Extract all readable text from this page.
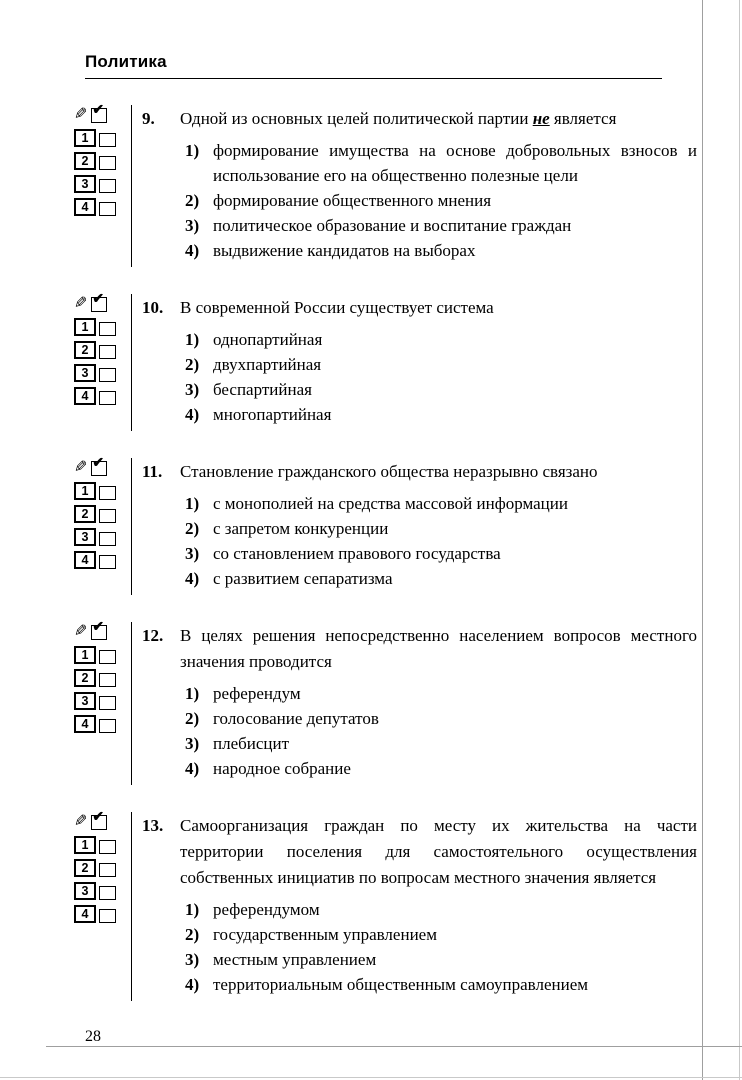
Политика
✎ ✔
1
2
3
4
9.	Одной из основных целей политической партии не является
1) формирование имущества на основе добровольных взносов и использование его на общественно полезные цели
2) формирование общественного мнения
3) политическое образование и воспитание граждан
4) выдвижение кандидатов на выборах
✎ ✔
1
2
3
4
10. В современной России существует система
1) однопартийная
2) двухпартийная
3) беспартийная
4) многопартийная
✎ ✔
1
2
3
4
11.	Становление гражданского общества неразрывно связано
1) с монополией на средства массовой информации
2) с запретом конкуренции
3) со становлением правового государства
4) с развитием сепаратизма
✎ ✔
1
2
3
4
12. В целях решения непосредственно населением вопросов местного значения проводится
1) референдум
2) голосование депутатов
3) плебисцит
4) народное собрание
✎ ✔
1
2
3
4
13. Самоорганизация граждан по месту их жительства на части территории поселения для самостоятельного осуществления собственных инициатив по вопросам местного значения является
1) референдумом
2) государственным управлением
3) местным управлением
4) территориальным общественным самоуправлением
28
